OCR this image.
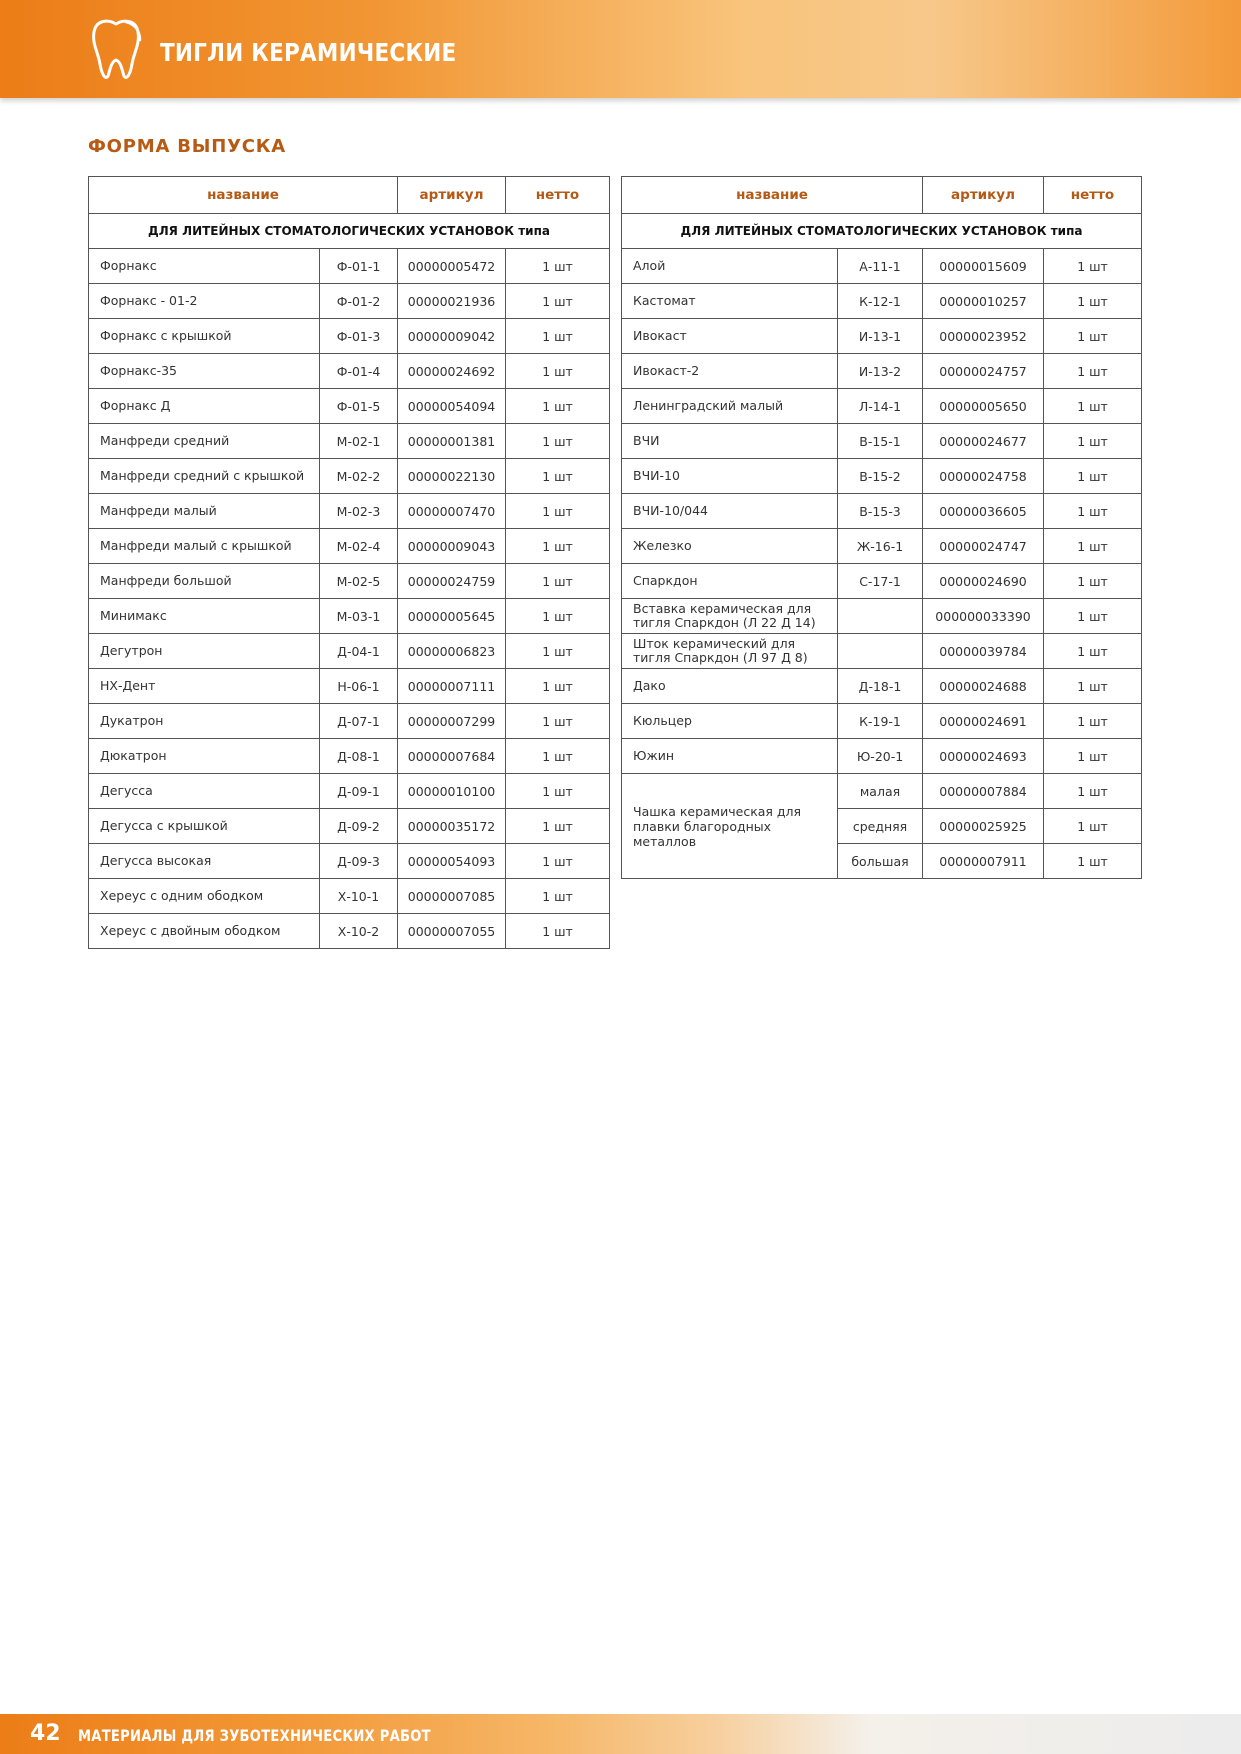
ТИГЛИ КЕРАМИЧЕСКИЕ
ФОРМА ВЫПУСКА
название		артикул	нетто
ДЛЯ ЛИТЕЙНЫХ СТОМАТОЛОГИЧЕСКИХ УСТАНОВОК типа			
Форнакс	Ф-01-1	00000005472	1 шт
Форнакс - 01-2	Ф-01-2	00000021936	1 шт
Форнакс с крышкой	Ф-01-3	00000009042	1 шт
Форнакс-35	Ф-01-4	00000024692	1 шт
Форнакс Д	Ф-01-5	00000054094	1 шт
Манфреди средний	М-02-1	00000001381	1 шт
Манфреди средний с крышкой	М-02-2	00000022130	1 шт
Манфреди малый	М-02-3	00000007470	1 шт
Манфреди малый с крышкой	М-02-4	00000009043	1 шт
Манфреди большой	М-02-5	00000024759	1 шт
Минимакс	М-03-1	00000005645	1 шт
Дегутрон	Д-04-1	00000006823	1 шт
НХ-Дент	Н-06-1	00000007111	1 шт
Дукатрон	Д-07-1	00000007299	1 шт
Дюкатрон	Д-08-1	00000007684	1 шт
Дегусса	Д-09-1	00000010100	1 шт
Дегусса с крышкой	Д-09-2	00000035172	1 шт
Дегусса высокая	Д-09-3	00000054093	1 шт
Хереус с одним ободком	Х-10-1	00000007085	1 шт
Хереус с двойным ободком	Х-10-2	00000007055	1 шт
название		артикул	нетто
ДЛЯ ЛИТЕЙНЫХ СТОМАТОЛОГИЧЕСКИХ УСТАНОВОК типа			
Алой	А-11-1	00000015609	1 шт
Кастомат	К-12-1	00000010257	1 шт
Ивокаст	И-13-1	00000023952	1 шт
Ивокаст-2	И-13-2	00000024757	1 шт
Ленинградский малый	Л-14-1	00000005650	1 шт
ВЧИ	В-15-1	00000024677	1 шт
ВЧИ-10	В-15-2	00000024758	1 шт
ВЧИ-10/044	В-15-3	00000036605	1 шт
Железко	Ж-16-1	00000024747	1 шт
Спаркдон	С-17-1	00000024690	1 шт
Вставка керамическая для тигля Спаркдон (Л 22 Д 14)		000000033390	1 шт
Шток керамический для тигля Спаркдон (Л 97 Д 8)		00000039784	1 шт
Дако	Д-18-1	00000024688	1 шт
Кюльцер	К-19-1	00000024691	1 шт
Южин	Ю-20-1	00000024693	1 шт
Чашка керамическая для плавки благородных металлов	малая	00000007884	1 шт
	средняя	00000025925	1 шт
	большая	00000007911	1 шт
42 МАТЕРИАЛЫ ДЛЯ ЗУБОТЕХНИЧЕСКИХ РАБОТ
